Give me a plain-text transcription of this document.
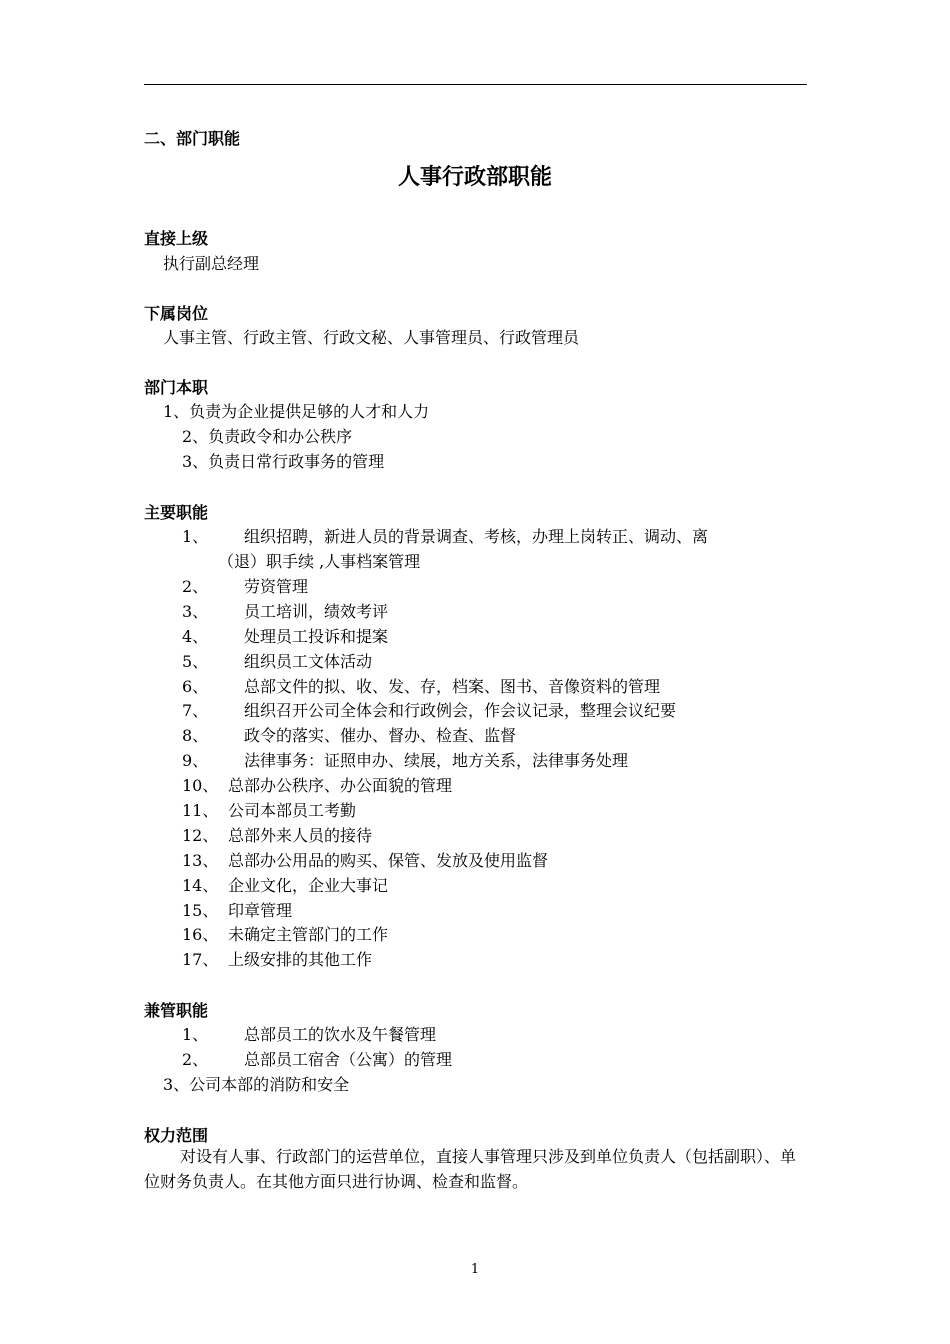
二、部门职能
人事行政部职能
直接上级
执行副总经理
下属岗位
人事主管、行政主管、行政文秘、人事管理员、行政管理员
部门本职
1、负责为企业提供足够的人才和人力
2、负责政令和办公秩序
3、负责日常行政事务的管理
主要职能
1、 组织招聘，新进人员的背景调查、考核，办理上岗转正、调动、离
（退）职手续 ,人事档案管理
2、 劳资管理
3、 员工培训，绩效考评
4、 处理员工投诉和提案
5、 组织员工文体活动
6、 总部文件的拟、收、发、存，档案、图书、音像资料的管理
7、 组织召开公司全体会和行政例会，作会议记录，整理会议纪要
8、 政令的落实、催办、督办、检查、监督
9、 法律事务：证照申办、续展，地方关系，法律事务处理
10、 总部办公秩序、办公面貌的管理
11、 公司本部员工考勤
12、 总部外来人员的接待
13、 总部办公用品的购买、保管、发放及使用监督
14、 企业文化，企业大事记
15、 印章管理
16、 未确定主管部门的工作
17、 上级安排的其他工作
兼管职能
1、 总部员工的饮水及午餐管理
2、 总部员工宿舍（公寓）的管理
3、公司本部的消防和安全
权力范围
对设有人事、行政部门的运营单位，直接人事管理只涉及到单位负责人（包括副职）、单位财务负责人。在其他方面只进行协调、检查和监督。
1
